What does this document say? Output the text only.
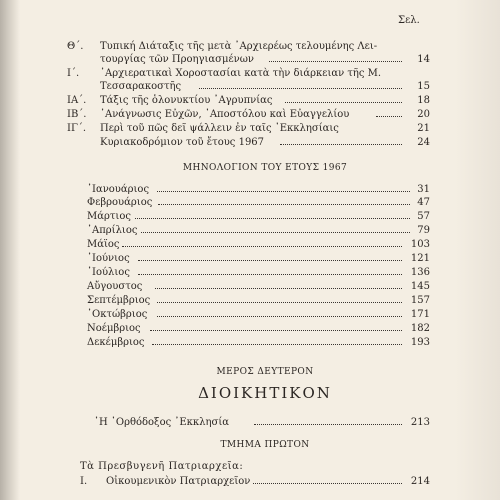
Σελ.
Θ΄.	Τυπική Διάταξις τῆς μετὰ ᾿Αρχιερέως τελουμένης Λει-
τουργίας τῶν Προηγιασμένων	14
Ι΄.	᾿Αρχιερατικαὶ Χοροστασίαι κατὰ τὴν διάρκειαν τῆς Μ.
Τεσσαρακοστῆς	15
ΙΑ΄.	Τάξις τῆς ὁλονυκτίου ᾿Αγρυπνίας	18
ΙΒ΄.	᾿Ανάγνωσις Εὐχῶν, ᾿Αποστόλου καὶ Εὐαγγελίου	20
ΙΓ΄.	Περὶ τοῦ πῶς δεῖ ψάλλειν ἐν ταῖς ᾿Εκκλησίαις	21
Κυριακοδρόμιον τοῦ ἔτους 1967	24
ΜΗΝΟΛΟΓΙΟΝ ΤΟΥ ΕΤΟΥΣ 1967
᾿Ιανουάριος	31
Φεβρουάριος	47
Μάρτιος	57
᾿Απρίλιος	79
Μάϊος	103
᾿Ιούνιος	121
᾿Ιούλιος	136
Αὔγουστος	145
Σεπτέμβριος	157
᾿Οκτώβριος	171
Νοέμβριος	182
Δεκέμβριος	193
ΜΕΡΟΣ ΔΕΥΤΕΡΟΝ
ΔΙΟΙΚΗΤΙΚΟΝ
῾Η ᾿Ορθόδοξος ᾿Εκκλησία	213
ΤΜΗΜΑ ΠΡΩΤΟΝ
Τὰ Πρεσβυγενῆ Πατριαρχεῖα:
Ι.	Οἰκουμενικὸν Πατριαρχεῖον	214
